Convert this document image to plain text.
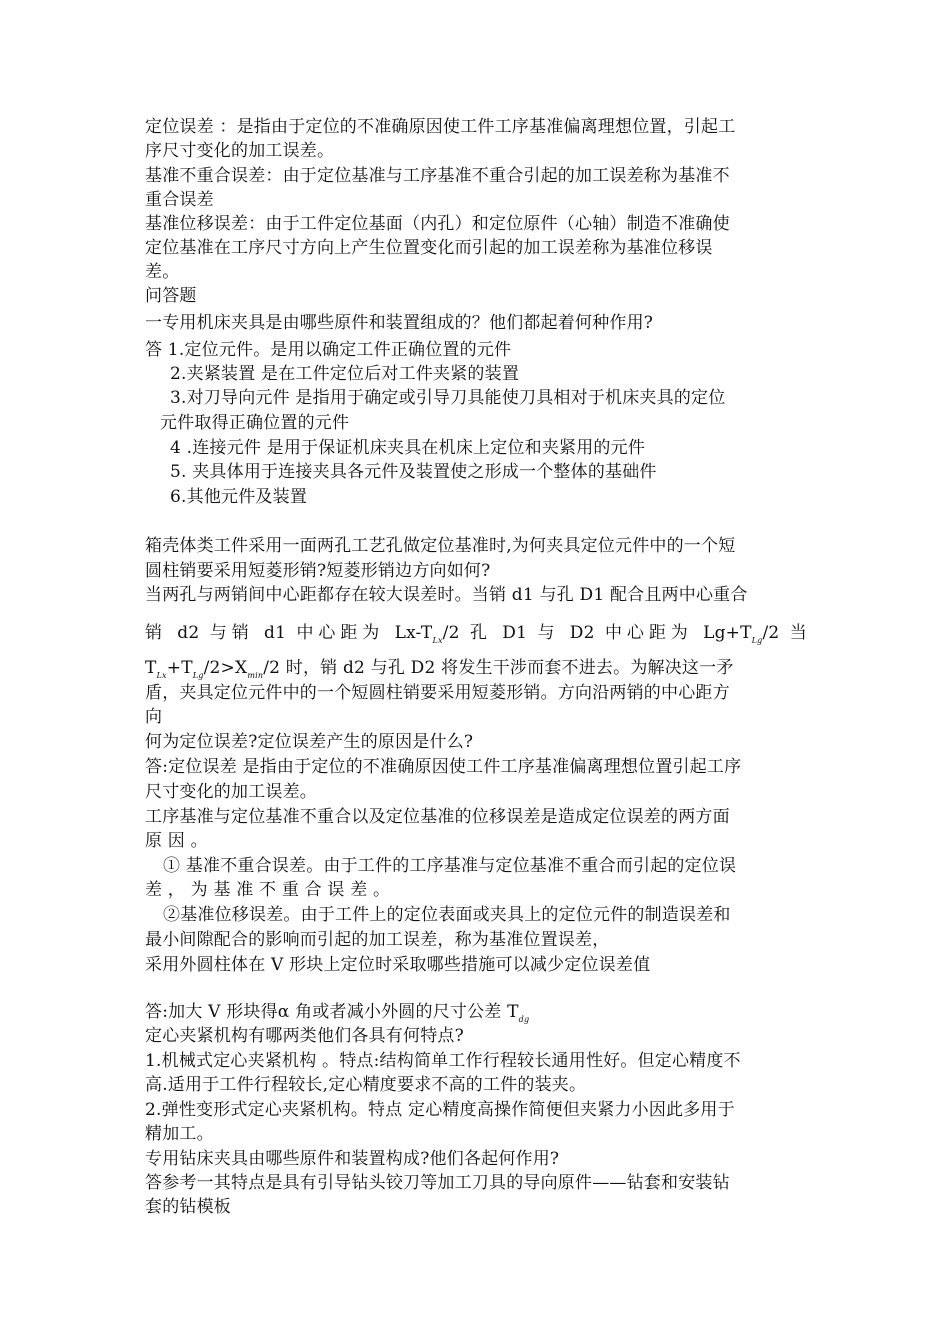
定位误差 ：是指由于定位的不准确原因使工件工序基准偏离理想位置，引起工
序尺寸变化的加工误差。
基准不重合误差：由于定位基准与工序基准不重合引起的加工误差称为基准不
重合误差
基准位移误差：由于工件定位基面（内孔）和定位原件（心轴）制造不准确使
定位基准在工序尺寸方向上产生位置变化而引起的加工误差称为基准位移误
差。
问答题
一专用机床夹具是由哪些原件和装置组成的？他们都起着何种作用?
答 1.定位元件。是用以确定工件正确位置的元件
2.夹紧装置 是在工件定位后对工件夹紧的装置
3.对刀导向元件 是指用于确定或引导刀具能使刀具相对于机床夹具的定位
元件取得正确位置的元件
4 .连接元件 是用于保证机床夹具在机床上定位和夹紧用的元件
5. 夹具体用于连接夹具各元件及装置使之形成一个整体的基础件
6.其他元件及装置
箱壳体类工件采用一面两孔工艺孔做定位基准时,为何夹具定位元件中的一个短
圆柱销要采用短菱形销?短菱形销边方向如何?
当两孔与两销间中心距都存在较大误差时。当销 d1 与孔 D1 配合且两中心重合
销 d2 与销 d1 中心距为 $Lx-T_{Lx}/2$ 孔 D1 与 D2 中心距为 $Lg+T_{Lg}/2$ 当
$T_{Lx}+T_{Lg}/2>X_{min}/2$ 时，销 d2 与孔 D2 将发生干涉而套不进去。为解决这一矛
盾，夹具定位元件中的一个短圆柱销要采用短菱形销。方向沿两销的中心距方
向
何为定位误差?定位误差产生的原因是什么?
答:定位误差 是指由于定位的不准确原因使工件工序基准偏离理想位置引起工序
尺寸变化的加工误差。
工序基准与定位基准不重合以及定位基准的位移误差是造成定位误差的两方面
原 因 。
① 基准不重合误差。由于工件的工序基准与定位基准不重合而引起的定位误
差 ， 为 基 准 不 重 合 误 差 。
②基准位移误差。由于工件上的定位表面或夹具上的定位元件的制造误差和
最小间隙配合的影响而引起的加工误差，称为基准位置误差，
采用外圆柱体在 V 形块上定位时采取哪些措施可以减少定位误差值
答:加大 V 形块得α 角或者减小外圆的尺寸公差 $T_{dg}$
定心夹紧机构有哪两类他们各具有何特点?
1.机械式定心夹紧机构 。特点:结构简单工作行程较长通用性好。但定心精度不
高.适用于工件行程较长,定心精度要求不高的工件的装夹。
2.弹性变形式定心夹紧机构。特点 定心精度高操作简便但夹紧力小因此多用于
精加工。
专用钻床夹具由哪些原件和装置构成?他们各起何作用?
答参考一其特点是具有引导钻头铰刀等加工刀具的导向原件——钻套和安装钻
套的钻模板
